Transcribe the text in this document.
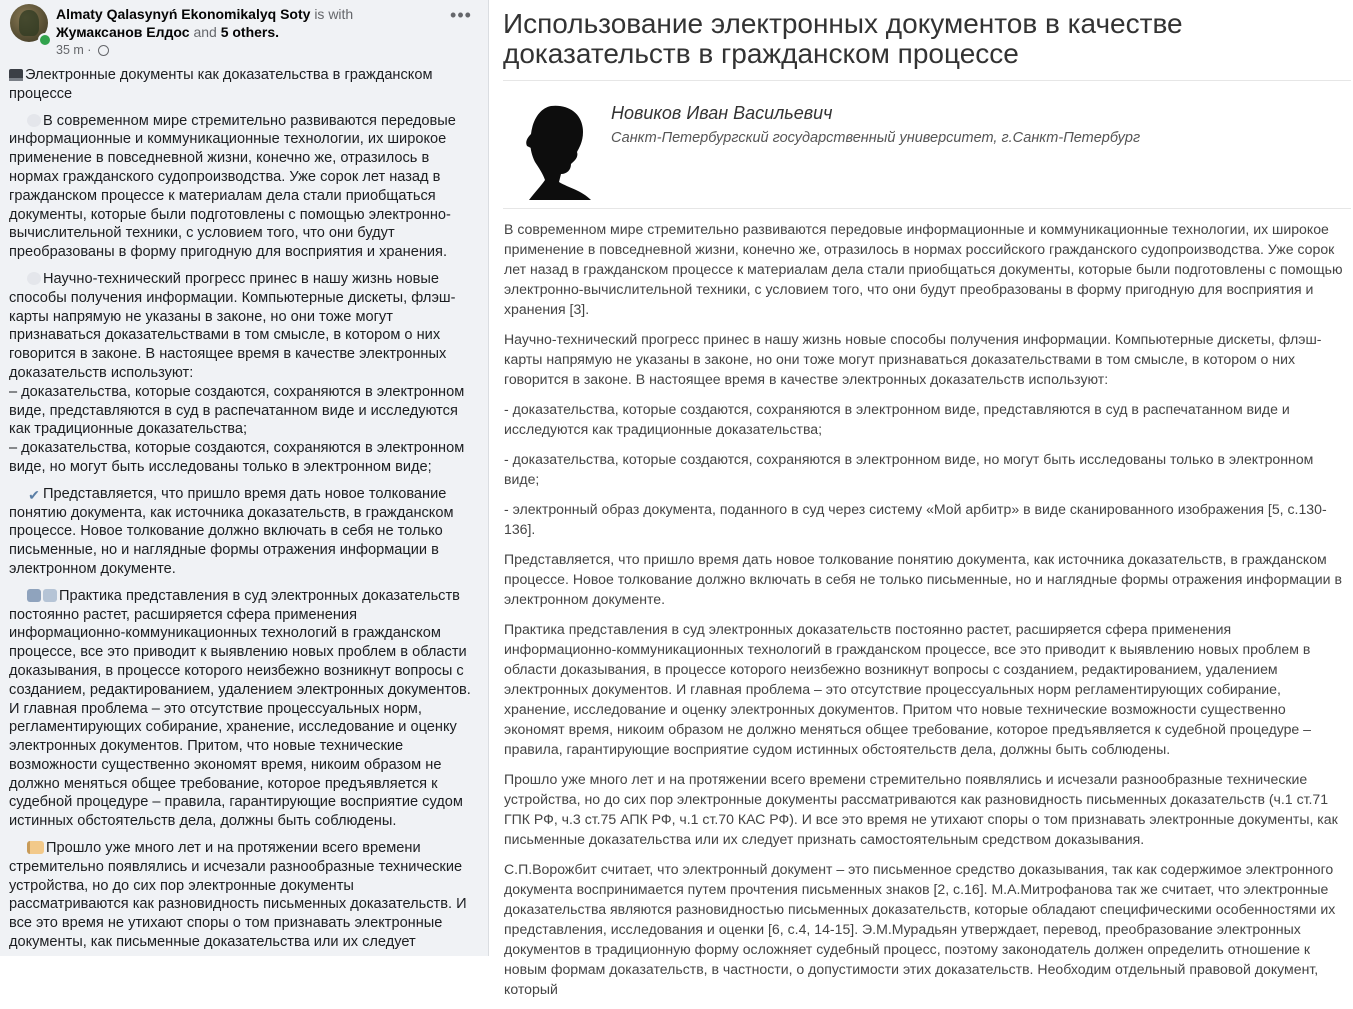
Almaty Qalasynyń Ekonomikalyq Soty is with
Жумаксанов Елдос and 5 others.
35 m ·
•••

Электронные документы как доказательства в гражданском процессе

В современном мире стремительно развиваются передовые информационные и коммуникационные технологии, их широкое применение в повседневной жизни, конечно же, отразилось в нормах гражданского судопроизводства. Уже сорок лет назад в гражданском процессе к материалам дела стали приобщаться документы, которые были подготовлены с помощью электронно-вычислительной техники, с условием того, что они будут преобразованы в форму пригодную для восприятия и хранения.

Научно-технический прогресс принес в нашу жизнь новые способы получения информации. Компьютерные дискеты, флэш-карты напрямую не указаны в законе, но они тоже могут признаваться доказательствами в том смысле, в котором о них говорится в законе. В настоящее время в качестве электронных доказательств используют:

– доказательства, которые создаются, сохраняются в электронном виде, представляются в суд в распечатанном виде и исследуются как традиционные доказательства;

– доказательства, которые создаются, сохраняются в электронном виде, но могут быть исследованы только в электронном виде;

✔ Представляется, что пришло время дать новое толкование понятию документа, как источника доказательств, в гражданском процессе. Новое толкование должно включать в себя не только письменные, но и наглядные формы отражения информации в электронном документе.

Практика представления в суд электронных доказательств постоянно растет, расширяется сфера применения информационно-коммуникационных технологий в гражданском процессе, все это приводит к выявлению новых проблем в области доказывания, в процессе которого неизбежно возникнут вопросы с созданием, редактированием, удалением электронных документов. И главная проблема – это отсутствие процессуальных норм, регламентирующих собирание, хранение, исследование и оценку электронных документов. Притом, что новые технические возможности существенно экономят время, никоим образом не должно меняться общее требование, которое предъявляется к судебной процедуре – правила, гарантирующие восприятие судом истинных обстоятельств дела, должны быть соблюдены.

Прошло уже много лет и на протяжении всего времени стремительно появлялись и исчезали разнообразные технические устройства, но до сих пор электронные документы рассматриваются как разновидность письменных доказательств. И все это время не утихают споры о том признавать электронные документы, как письменные доказательства или их следует

Использование электронных документов в качестве доказательств в гражданском процессе
Новиков Иван Васильевич
Санкт-Петербургский государственный университет, г.Санкт-Петербург

В современном мире стремительно развиваются передовые информационные и коммуникационные технологии, их широкое применение в повседневной жизни, конечно же, отразилось в нормах российского гражданского судопроизводства. Уже сорок лет назад в гражданском процессе к материалам дела стали приобщаться документы, которые были подготовлены с помощью электронно-вычислительной техники, с условием того, что они будут преобразованы в форму пригодную для восприятия и хранения [3].

Научно-технический прогресс принес в нашу жизнь новые способы получения информации. Компьютерные дискеты, флэш-карты напрямую не указаны в законе, но они тоже могут признаваться доказательствами в том смысле, в котором о них говорится в законе. В настоящее время в качестве электронных доказательств используют:

- доказательства, которые создаются, сохраняются в электронном виде, представляются в суд в распечатанном виде и исследуются как традиционные доказательства;

- доказательства, которые создаются, сохраняются в электронном виде, но могут быть исследованы только в электронном виде;

- электронный образ документа, поданного в суд через систему «Мой арбитр» в виде сканированного изображения [5, с.130-136].

Представляется, что пришло время дать новое толкование понятию документа, как источника доказательств, в гражданском процессе. Новое толкование должно включать в себя не только письменные, но и наглядные формы отражения информации в электронном документе.

Практика представления в суд электронных доказательств постоянно растет, расширяется сфера применения информационно-коммуникационных технологий в гражданском процессе, все это приводит к выявлению новых проблем в области доказывания, в процессе которого неизбежно возникнут вопросы с созданием, редактированием, удалением электронных документов. И главная проблема – это отсутствие процессуальных норм регламентирующих собирание, хранение, исследование и оценку электронных документов. Притом что новые технические возможности существенно экономят время, никоим образом не должно меняться общее требование, которое предъявляется к судебной процедуре – правила, гарантирующие восприятие судом истинных обстоятельств дела, должны быть соблюдены.

Прошло уже много лет и на протяжении всего времени стремительно появлялись и исчезали разнообразные технические устройства, но до сих пор электронные документы рассматриваются как разновидность письменных доказательств (ч.1 ст.71 ГПК РФ, ч.3 ст.75 АПК РФ, ч.1 ст.70 КАС РФ). И все это время не утихают споры о том признавать электронные документы, как письменные доказательства или их следует признать самостоятельным средством доказывания.

С.П.Ворожбит считает, что электронный документ – это письменное средство доказывания, так как содержимое электронного документа воспринимается путем прочтения письменных знаков [2, с.16]. М.А.Митрофанова так же считает, что электронные доказательства являются разновидностью письменных доказательств, которые обладают специфическими особенностями их представления, исследования и оценки [6, с.4, 14-15]. Э.М.Мурадьян утверждает, перевод, преобразование электронных документов в традиционную форму осложняет судебный процесс, поэтому законодатель должен определить отношение к новым формам доказательств, в частности, о допустимости этих доказательств. Необходим отдельный правовой документ, который
